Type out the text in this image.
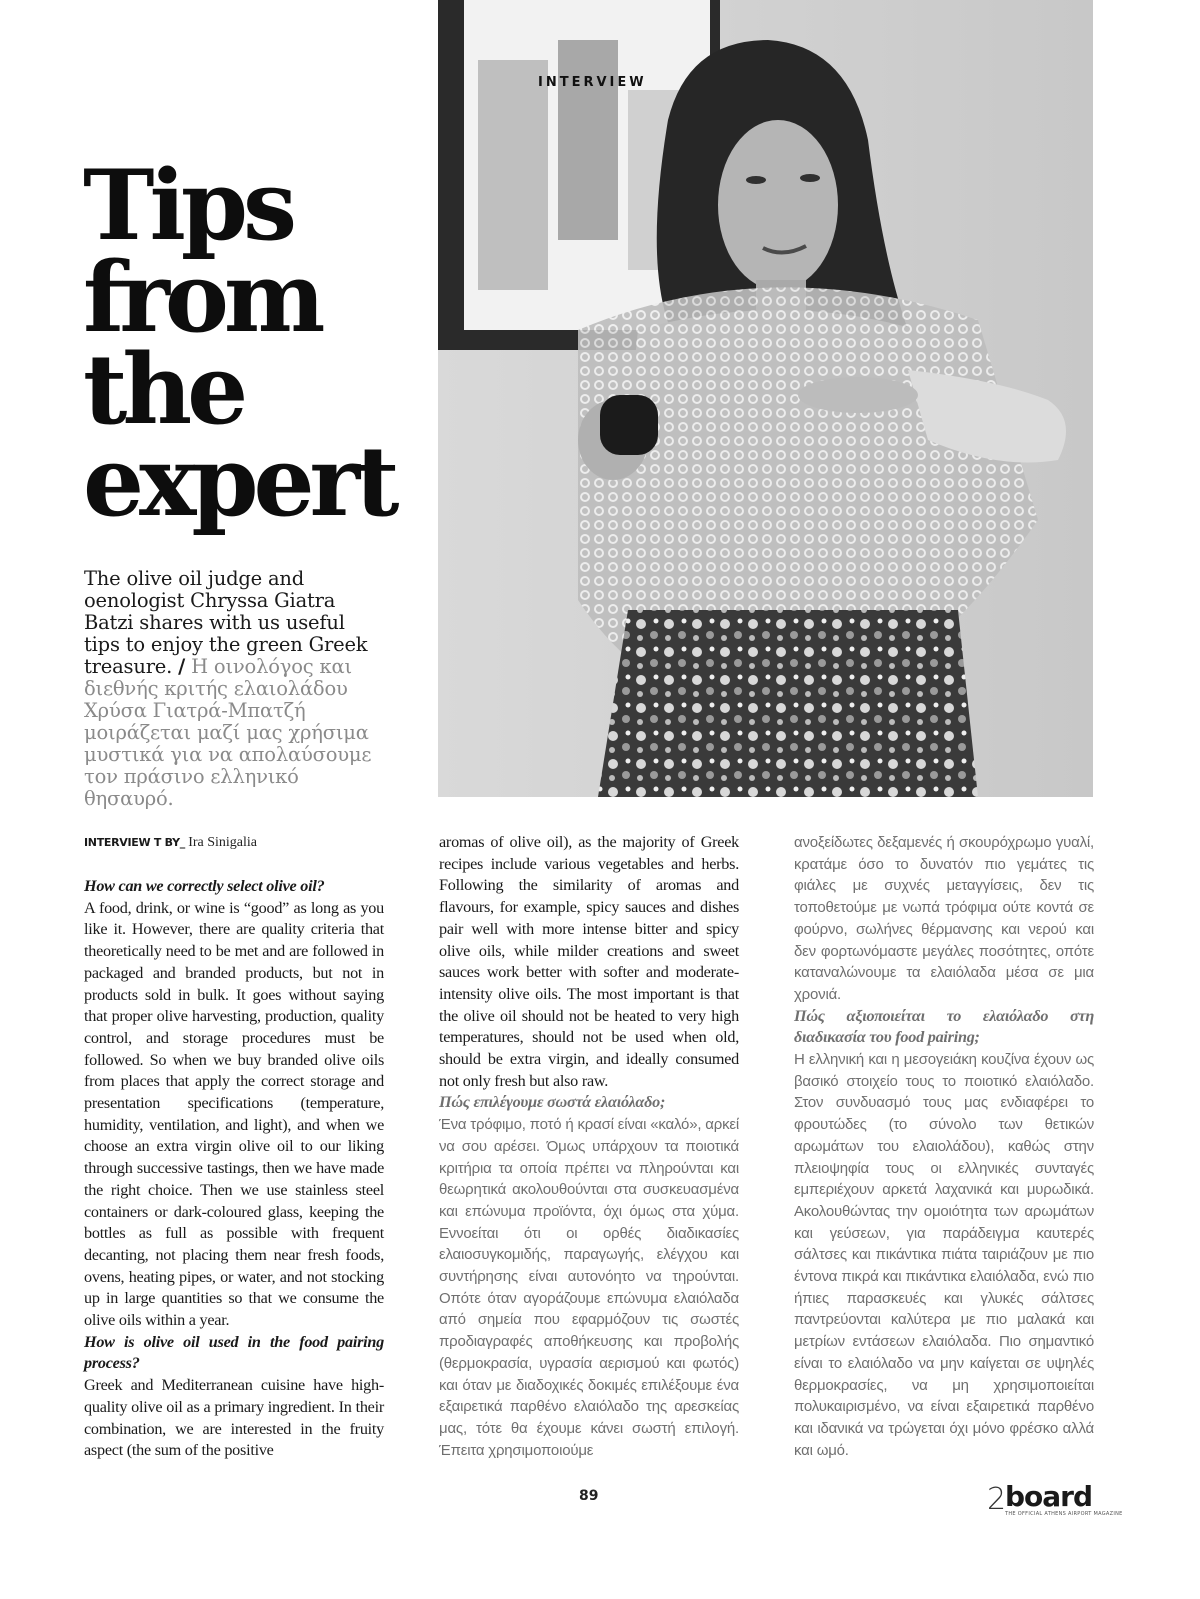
INTERVIEW
Tips
from
the
expert
The olive oil judge and oenologist Chryssa Giatra Batzi shares with us useful tips to enjoy the green Greek treasure. / Η οινολόγος και διεθνής κριτής ελαιολάδου Χρύσα Γιατρά-Μπατζή μοιράζεται μαζί μας χρήσιμα μυστικά για να απολαύσουμε τον πράσινο ελληνικό θησαυρό.
INTERVIEW T BY_ Ira Sinigalia

How can we correctly select olive oil?

A food, drink, or wine is “good” as long as you like it. However, there are quality criteria that theoretically need to be met and are followed in packaged and branded products, but not in products sold in bulk. It goes without saying that proper olive harvesting, production, quality control, and storage procedures must be followed. So when we buy branded olive oils from places that apply the correct storage and presentation specifications (temperature, humidity, ventilation, and light), and when we choose an extra virgin olive oil to our liking through successive tastings, then we have made the right choice. Then we use stainless steel containers or dark-coloured glass, keeping the bottles as full as possible with frequent decanting, not placing them near fresh foods, ovens, heating pipes, or water, and not stocking up in large quantities so that we consume the olive oils within a year.

How is olive oil used in the food pairing process?

Greek and Mediterranean cuisine have high-quality olive oil as a primary ingredient. In their combination, we are interested in the fruity aspect (the sum of the positive

aromas of olive oil), as the majority of Greek recipes include various vegetables and herbs. Following the similarity of aromas and flavours, for example, spicy sauces and dishes pair well with more intense bitter and spicy olive oils, while milder creations and sweet sauces work better with softer and moderate-intensity olive oils. The most important is that the olive oil should not be heated to very high temperatures, should not be used when old, should be extra virgin, and ideally consumed not only fresh but also raw.

Πώς επιλέγουμε σωστά ελαιόλαδο;

Ένα τρόφιμο, ποτό ή κρασί είναι «καλό», αρκεί να σου αρέσει. Όμως υπάρχουν τα ποιοτικά κριτήρια τα οποία πρέπει να πληρούνται και θεωρητικά ακολουθούνται στα συσκευασμένα και επώνυμα προϊόντα, όχι όμως στα χύμα. Εννοείται ότι οι ορθές διαδικασίες ελαιοσυγκομιδής, παραγωγής, ελέγχου και συντήρησης είναι αυτονόητο να τηρούνται. Οπότε όταν αγοράζουμε επώνυμα ελαιόλαδα από σημεία που εφαρμόζουν τις σωστές προδιαγραφές αποθήκευσης και προβολής (θερμοκρασία, υγρασία αερισμού και φωτός) και όταν με διαδοχικές δοκιμές επιλέξουμε ένα εξαιρετικά παρθένο ελαιόλαδο της αρεσκείας μας, τότε θα έχουμε κάνει σωστή επιλογή. Έπειτα χρησιμοποιούμε

ανοξείδωτες δεξαμενές ή σκουρόχρωμο γυαλί, κρατάμε όσο το δυνατόν πιο γεμάτες τις φιάλες με συχνές μεταγγίσεις, δεν τις τοποθετούμε με νωπά τρόφιμα ούτε κοντά σε φούρνο, σωλήνες θέρμανσης και νερού και δεν φορτωνόμαστε μεγάλες ποσότητες, οπότε καταναλώνουμε τα ελαιόλαδα μέσα σε μια χρονιά.

Πώς αξιοποιείται το ελαιόλαδο στη διαδικασία του food pairing;

Η ελληνική και η μεσογειάκη κουζίνα έχουν ως βασικό στοιχείο τους το ποιοτικό ελαιόλαδο. Στον συνδυασμό τους μας ενδιαφέρει το φρουτώδες (το σύνολο των θετικών αρωμάτων του ελαιολάδου), καθώς στην πλειοψηφία τους οι ελληνικές συνταγές εμπεριέχουν αρκετά λαχανικά και μυρωδικά. Ακολουθώντας την ομοιότητα των αρωμάτων και γεύσεων, για παράδειγμα καυτερές σάλτσες και πικάντικα πιάτα ταιριάζουν με πιο έντονα πικρά και πικάντικα ελαιόλαδα, ενώ πιο ήπιες παρασκευές και γλυκές σάλτσες παντρεύονται καλύτερα με πιο μαλακά και μετρίων εντάσεων ελαιόλαδα. Πιο σημαντικό είναι το ελαιόλαδο να μην καίγεται σε υψηλές θερμοκρασίες, να μη χρησιμοποιείται πολυκαιρισμένο, να είναι εξαιρετικά παρθένο και ιδανικά να τρώγεται όχι μόνο φρέσκο αλλά και ωμό.

89	2
board
THE OFFICIAL ATHENS AIRPORT MAGAZINE
